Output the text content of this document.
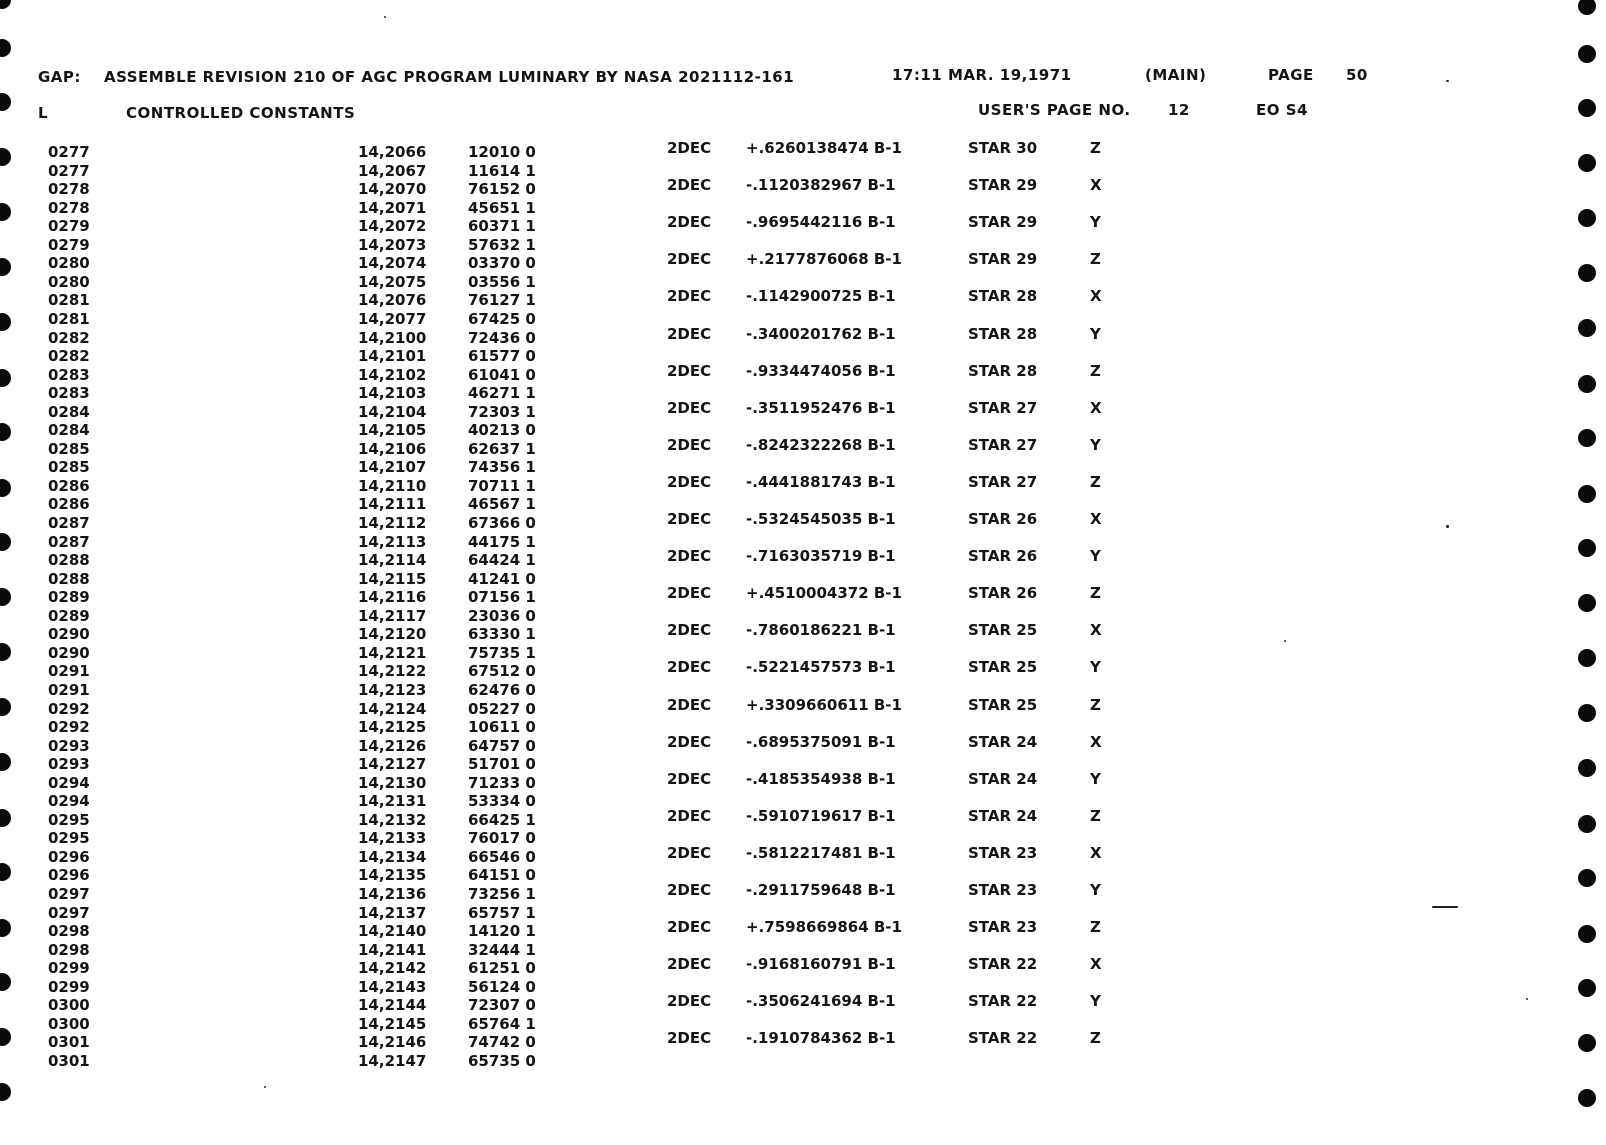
GAP: ASSEMBLE REVISION 210 OF AGC PROGRAM LUMINARY BY NASA 2021112-161	17:11 MAR. 19,1971	(MAIN)	PAGE 50
L	CONTROLLED CONSTANTS	USER'S PAGE NO. 12	EO S4
0277	14,2066	12010 0	2DEC +.6260138474 B-1	STAR 30	Z
0277	14,2067	11614 1
0278	14,2070	76152 0	2DEC -.1120382967 B-1	STAR 29	X
0278	14,2071	45651 1
0279	14,2072	60371 1	2DEC -.9695442116 B-1	STAR 29	Y
0279	14,2073	57632 1
0280	14,2074	03370 0	2DEC +.2177876068 B-1	STAR 29	Z
0280	14,2075	03556 1
0281	14,2076	76127 1	2DEC -.1142900725 B-1	STAR 28	X
0281	14,2077	67425 0
0282	14,2100	72436 0	2DEC -.3400201762 B-1	STAR 28	Y
0282	14,2101	61577 0
0283	14,2102	61041 0	2DEC -.9334474056 B-1	STAR 28	Z
0283	14,2103	46271 1
0284	14,2104	72303 1	2DEC -.3511952476 B-1	STAR 27	X
0284	14,2105	40213 0
0285	14,2106	62637 1	2DEC -.8242322268 B-1	STAR 27	Y
0285	14,2107	74356 1
0286	14,2110	70711 1	2DEC -.4441881743 B-1	STAR 27	Z
0286	14,2111	46567 1
0287	14,2112	67366 0	2DEC -.5324545035 B-1	STAR 26	X
0287	14,2113	44175 1
0288	14,2114	64424 1	2DEC -.7163035719 B-1	STAR 26	Y
0288	14,2115	41241 0
0289	14,2116	07156 1	2DEC +.4510004372 B-1	STAR 26	Z
0289	14,2117	23036 0
0290	14,2120	63330 1	2DEC -.7860186221 B-1	STAR 25	X
0290	14,2121	75735 1
0291	14,2122	67512 0	2DEC -.5221457573 B-1	STAR 25	Y
0291	14,2123	62476 0
0292	14,2124	05227 0	2DEC +.3309660611 B-1	STAR 25	Z
0292	14,2125	10611 0
0293	14,2126	64757 0	2DEC -.6895375091 B-1	STAR 24	X
0293	14,2127	51701 0
0294	14,2130	71233 0	2DEC -.4185354938 B-1	STAR 24	Y
0294	14,2131	53334 0
0295	14,2132	66425 1	2DEC -.5910719617 B-1	STAR 24	Z
0295	14,2133	76017 0
0296	14,2134	66546 0	2DEC -.5812217481 B-1	STAR 23	X
0296	14,2135	64151 0
0297	14,2136	73256 1	2DEC -.2911759648 B-1	STAR 23	Y
0297	14,2137	65757 1
0298	14,2140	14120 1	2DEC +.7598669864 B-1	STAR 23	Z
0298	14,2141	32444 1
0299	14,2142	61251 0	2DEC -.9168160791 B-1	STAR 22	X
0299	14,2143	56124 0
0300	14,2144	72307 0	2DEC -.3506241694 B-1	STAR 22	Y
0300	14,2145	65764 1
0301	14,2146	74742 0	2DEC -.1910784362 B-1	STAR 22	Z
0301	14,2147	65735 0
